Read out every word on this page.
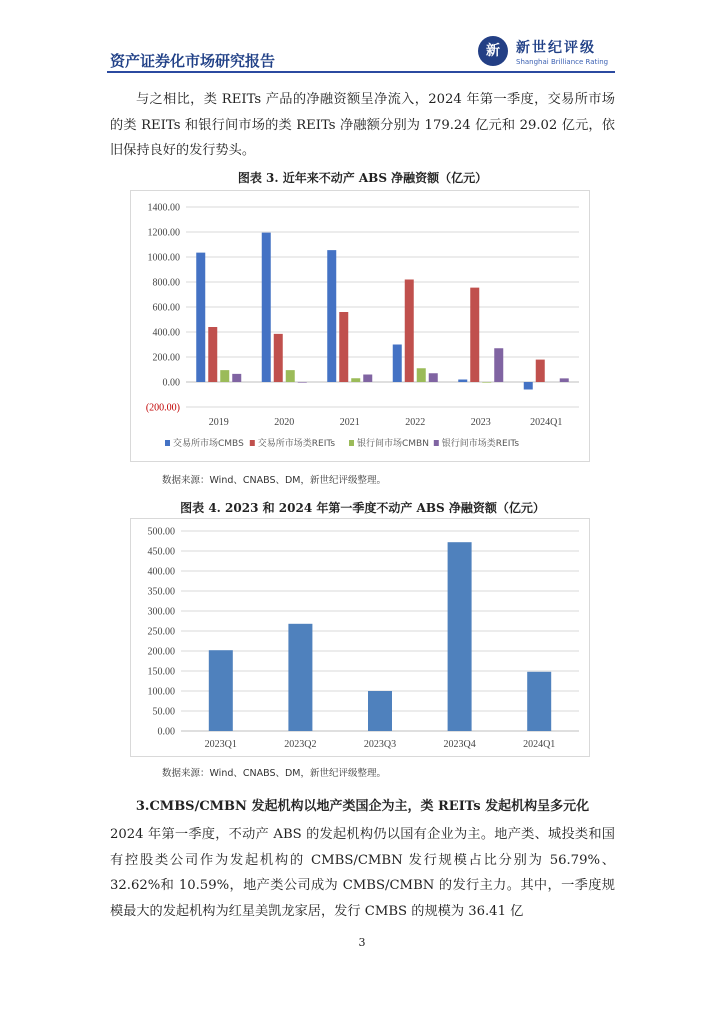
资产证券化市场研究报告
新	新世纪评级
Shanghai Brilliance Rating
与之相比，类 REITs 产品的净融资额呈净流入，2024 年第一季度，交易所市场的类 REITs 和银行间市场的类 REITs 净融额分别为 179.24 亿元和 29.02 亿元，依旧保持良好的发行势头。
图表 3. 近年来不动产 ABS 净融资额（亿元）
(200.00)
0.00
200.00
400.00
600.00
800.00
1000.00
1200.00
1400.00
2019	2020	2021	2022	2023	2024Q1
交易所市场CMBS 交易所市场类REITs 银行间市场CMBN 银行间市场类REITs
数据来源：Wind、CNABS、DM，新世纪评级整理。
图表 4. 2023 和 2024 年第一季度不动产 ABS 净融资额（亿元）
0.00
50.00
100.00
150.00
200.00
250.00
300.00
350.00
400.00
450.00
500.00
2023Q1	2023Q2	2023Q3	2023Q4	2024Q1
数据来源：Wind、CNABS、DM，新世纪评级整理。
3.CMBS/CMBN 发起机构以地产类国企为主，类 REITs 发起机构呈多元化
2024 年第一季度，不动产 ABS 的发起机构仍以国有企业为主。地产类、城投类和国有控股类公司作为发起机构的 CMBS/CMBN 发行规模占比分别为 56.79%、32.62%和 10.59%，地产类公司成为 CMBS/CMBN 的发行主力。其中，一季度规模最大的发起机构为红星美凯龙家居，发行 CMBS 的规模为 36.41 亿
3
